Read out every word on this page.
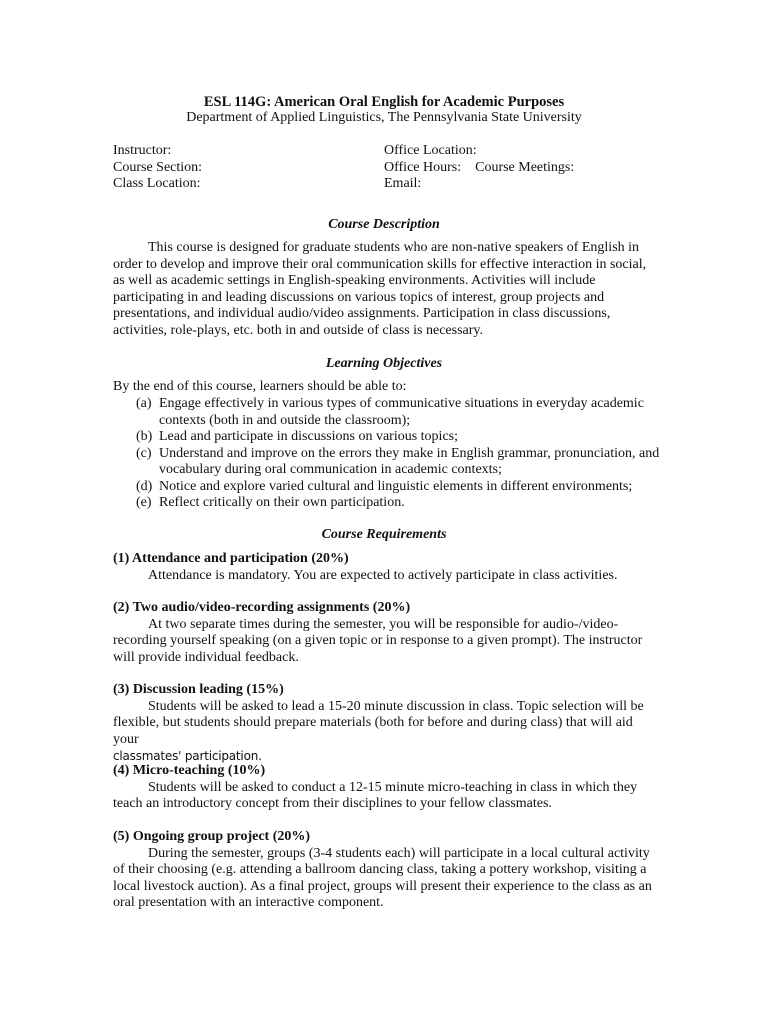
ESL 114G: American Oral English for Academic Purposes
Department of Applied Linguistics, The Pennsylvania State University
Instructor:
Course Section:
Class Location:
Office Location:
Office Hours:    Course Meetings:
Email:
Course Description

This course is designed for graduate students who are non-native speakers of English in order to develop and improve their oral communication skills for effective interaction in social, as well as academic settings in English-speaking environments. Activities will include participating in and leading discussions on various topics of interest, group projects and presentations, and individual audio/video assignments. Participation in class discussions, activities, role-plays, etc. both in and outside of class is necessary.

Learning Objectives
By the end of this course, learners should be able to:
(a) Engage effectively in various types of communicative situations in everyday academic contexts (both in and outside the classroom);
(b) Lead and participate in discussions on various topics;
(c) Understand and improve on the errors they make in English grammar, pronunciation, and vocabulary during oral communication in academic contexts;
(d) Notice and explore varied cultural and linguistic elements in different environments;
(e) Reflect critically on their own participation.
Course Requirements
(1) Attendance and participation (20%)

Attendance is mandatory. You are expected to actively participate in class activities.

(2) Two audio/video-recording assignments (20%)

At two separate times during the semester, you will be responsible for audio-/video-recording yourself speaking (on a given topic or in response to a given prompt). The instructor will provide individual feedback.

(3) Discussion leading (15%)

Students will be asked to lead a 15-20 minute discussion in class. Topic selection will be flexible, but students should prepare materials (both for before and during class) that will aid your
classmates' participation.

(4) Micro-teaching (10%)

Students will be asked to conduct a 12-15 minute micro-teaching in class in which they teach an introductory concept from their disciplines to your fellow classmates.

(5) Ongoing group project (20%)

During the semester, groups (3-4 students each) will participate in a local cultural activity of their choosing (e.g. attending a ballroom dancing class, taking a pottery workshop, visiting a local livestock auction). As a final project, groups will present their experience to the class as an oral presentation with an interactive component.
